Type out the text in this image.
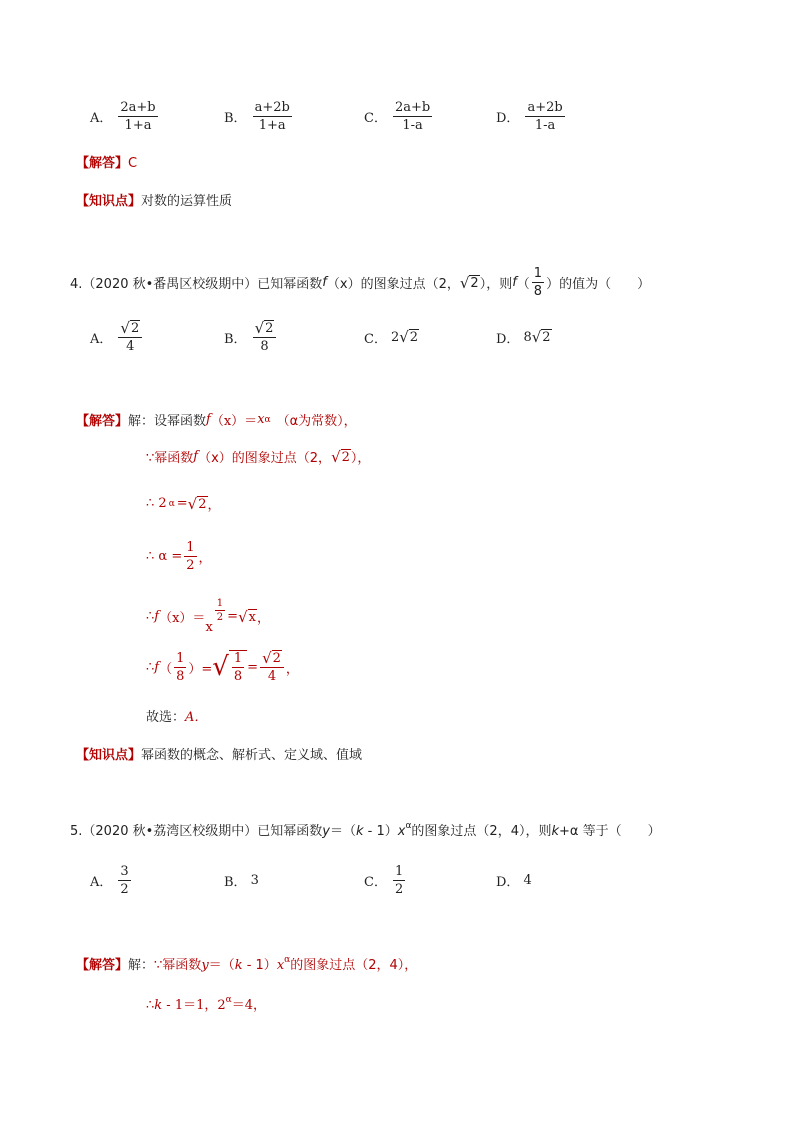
A． $\frac{2a+b}{1+a}$	B． $\frac{a+2b}{1+a}$	C． $\frac{2a+b}{1-a}$	D． $\frac{a+2b}{1-a}$
【解答】C
【知识点】对数的运算性质
4.（2020 秋•番禺区校级期中）已知幂函数 f （x）的图象过点（2， √ 2 ），则 f （ $\frac{1}{8}$ ）的值为（　　）
A． $\frac{√ 2}{4}$	B． $\frac{√ 2}{8}$	C． 2 √ 2	D． 8 √ 2
【解答】 解：设幂函数 f （x）＝ x α （α为常数），
∵幂函数 f （x）的图象过点（2， √ 2 ），
∴ 2 α = √ 2 ，
∴ $\alpha = \frac{1}{2}$ ，
∴ f （x）＝
x
$\frac{1}{2}$ = √ x ，
∴ f （ $\frac{1}{8}$ ）= √ $\frac{1}{8} = \frac{√ 2}{4}$ ，
故选：A．
【知识点】幂函数的概念、解析式、定义域、值域
5.（2020 秋•荔湾区校级期中）已知幂函数$y=(k - 1)x^\alpha$的图象过点（2，4），则k+α 等于（　　）
A． $\frac{3}{2}$	B． 3	C． $\frac{1}{2}$	D． 4
【解答】解：∵幂函数$y=(k - 1)x^\alpha$的图象过点（2，4），
∴k - 1＝1，$2^\alpha=4$，
